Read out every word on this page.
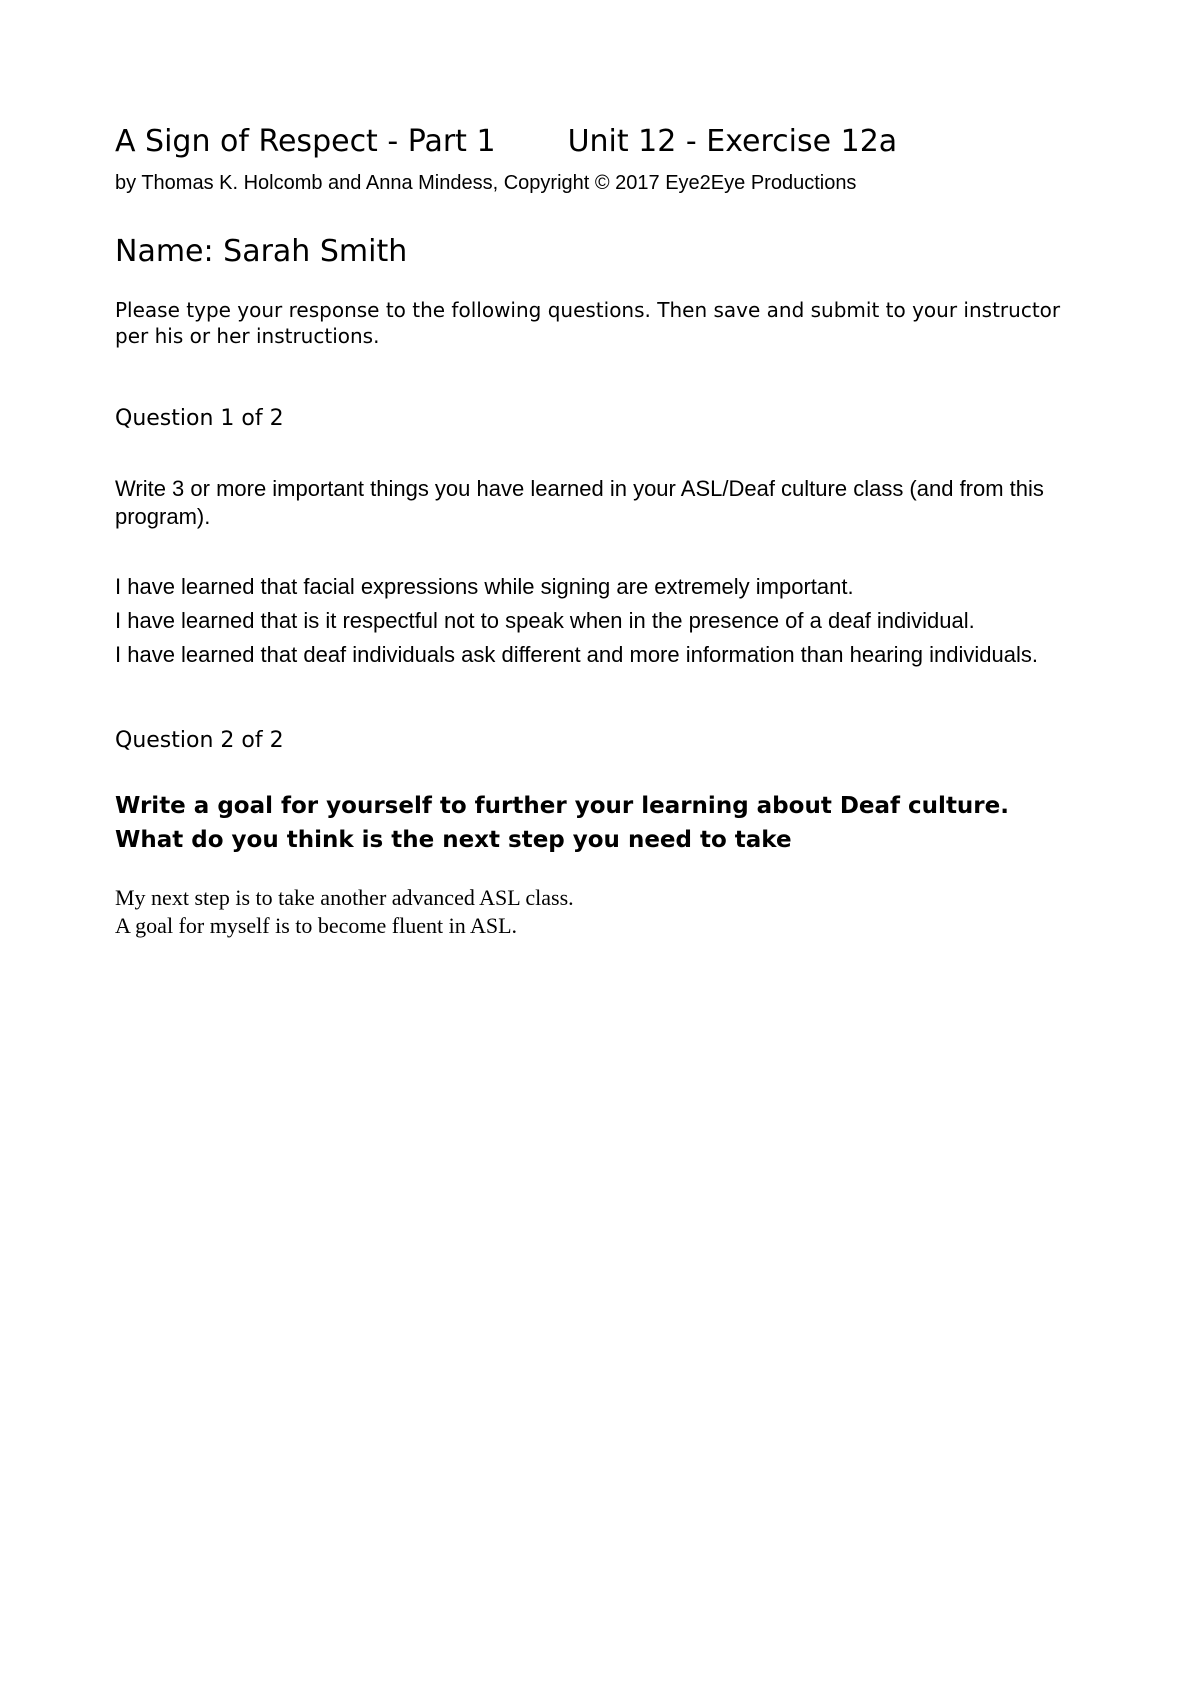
A Sign of Respect - Part 1 Unit 12 - Exercise 12a
by Thomas K. Holcomb and Anna Mindess, Copyright © 2017 Eye2Eye Productions
Name: Sarah Smith
Please type your response to the following questions. Then save and submit to your instructor per his or her instructions.
Question 1 of 2
Write 3 or more important things you have learned in your ASL/Deaf culture class (and from this program).
I have learned that facial expressions while signing are extremely important.
I have learned that is it respectful not to speak when in the presence of a deaf individual.
I have learned that deaf individuals ask different and more information than hearing individuals.
Question 2 of 2
Write a goal for yourself to further your learning about Deaf culture.
What do you think is the next step you need to take
My next step is to take another advanced ASL class.
A goal for myself is to become fluent in ASL.
